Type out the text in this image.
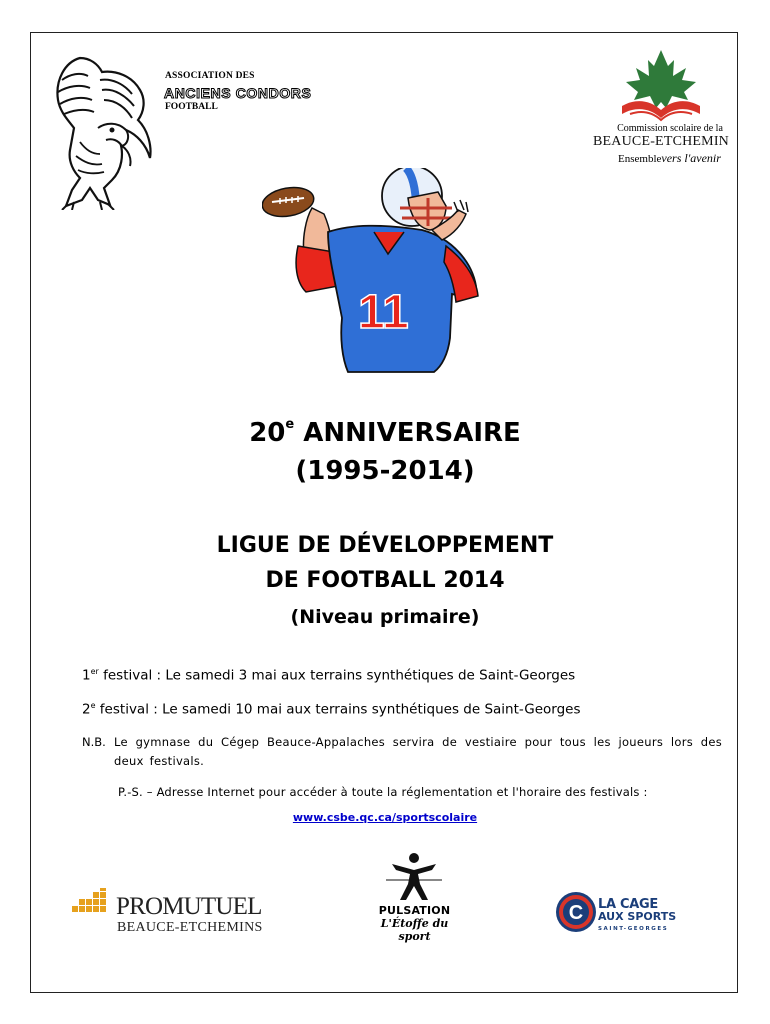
ASSOCIATION DES
ANCIENS CONDORS
FOOTBALL
Commission scolaire de la
BEAUCE-ETCHEMIN
Ensemblevers l'avenir
11
20e ANNIVERSAIRE
(1995-2014)
LIGUE DE DÉVELOPPEMENT
DE FOOTBALL 2014
(Niveau primaire)
1er festival : Le samedi 3 mai aux terrains synthétiques de Saint-Georges
2e festival : Le samedi 10 mai aux terrains synthétiques de Saint-Georges
N.B. Le gymnase du Cégep Beauce-Appalaches servira de vestiaire pour tous les joueurs lors des deux festivals.
P.-S. – Adresse Internet pour accéder à toute la réglementation et l'horaire des festivals :
www.csbe.qc.ca/sportscolaire
PROMUTUEL
BEAUCE-ETCHEMINS
PULSATION
L'Étoffe du sport
C LA CAGE
AUX SPORTS
SAINT-GEORGES
